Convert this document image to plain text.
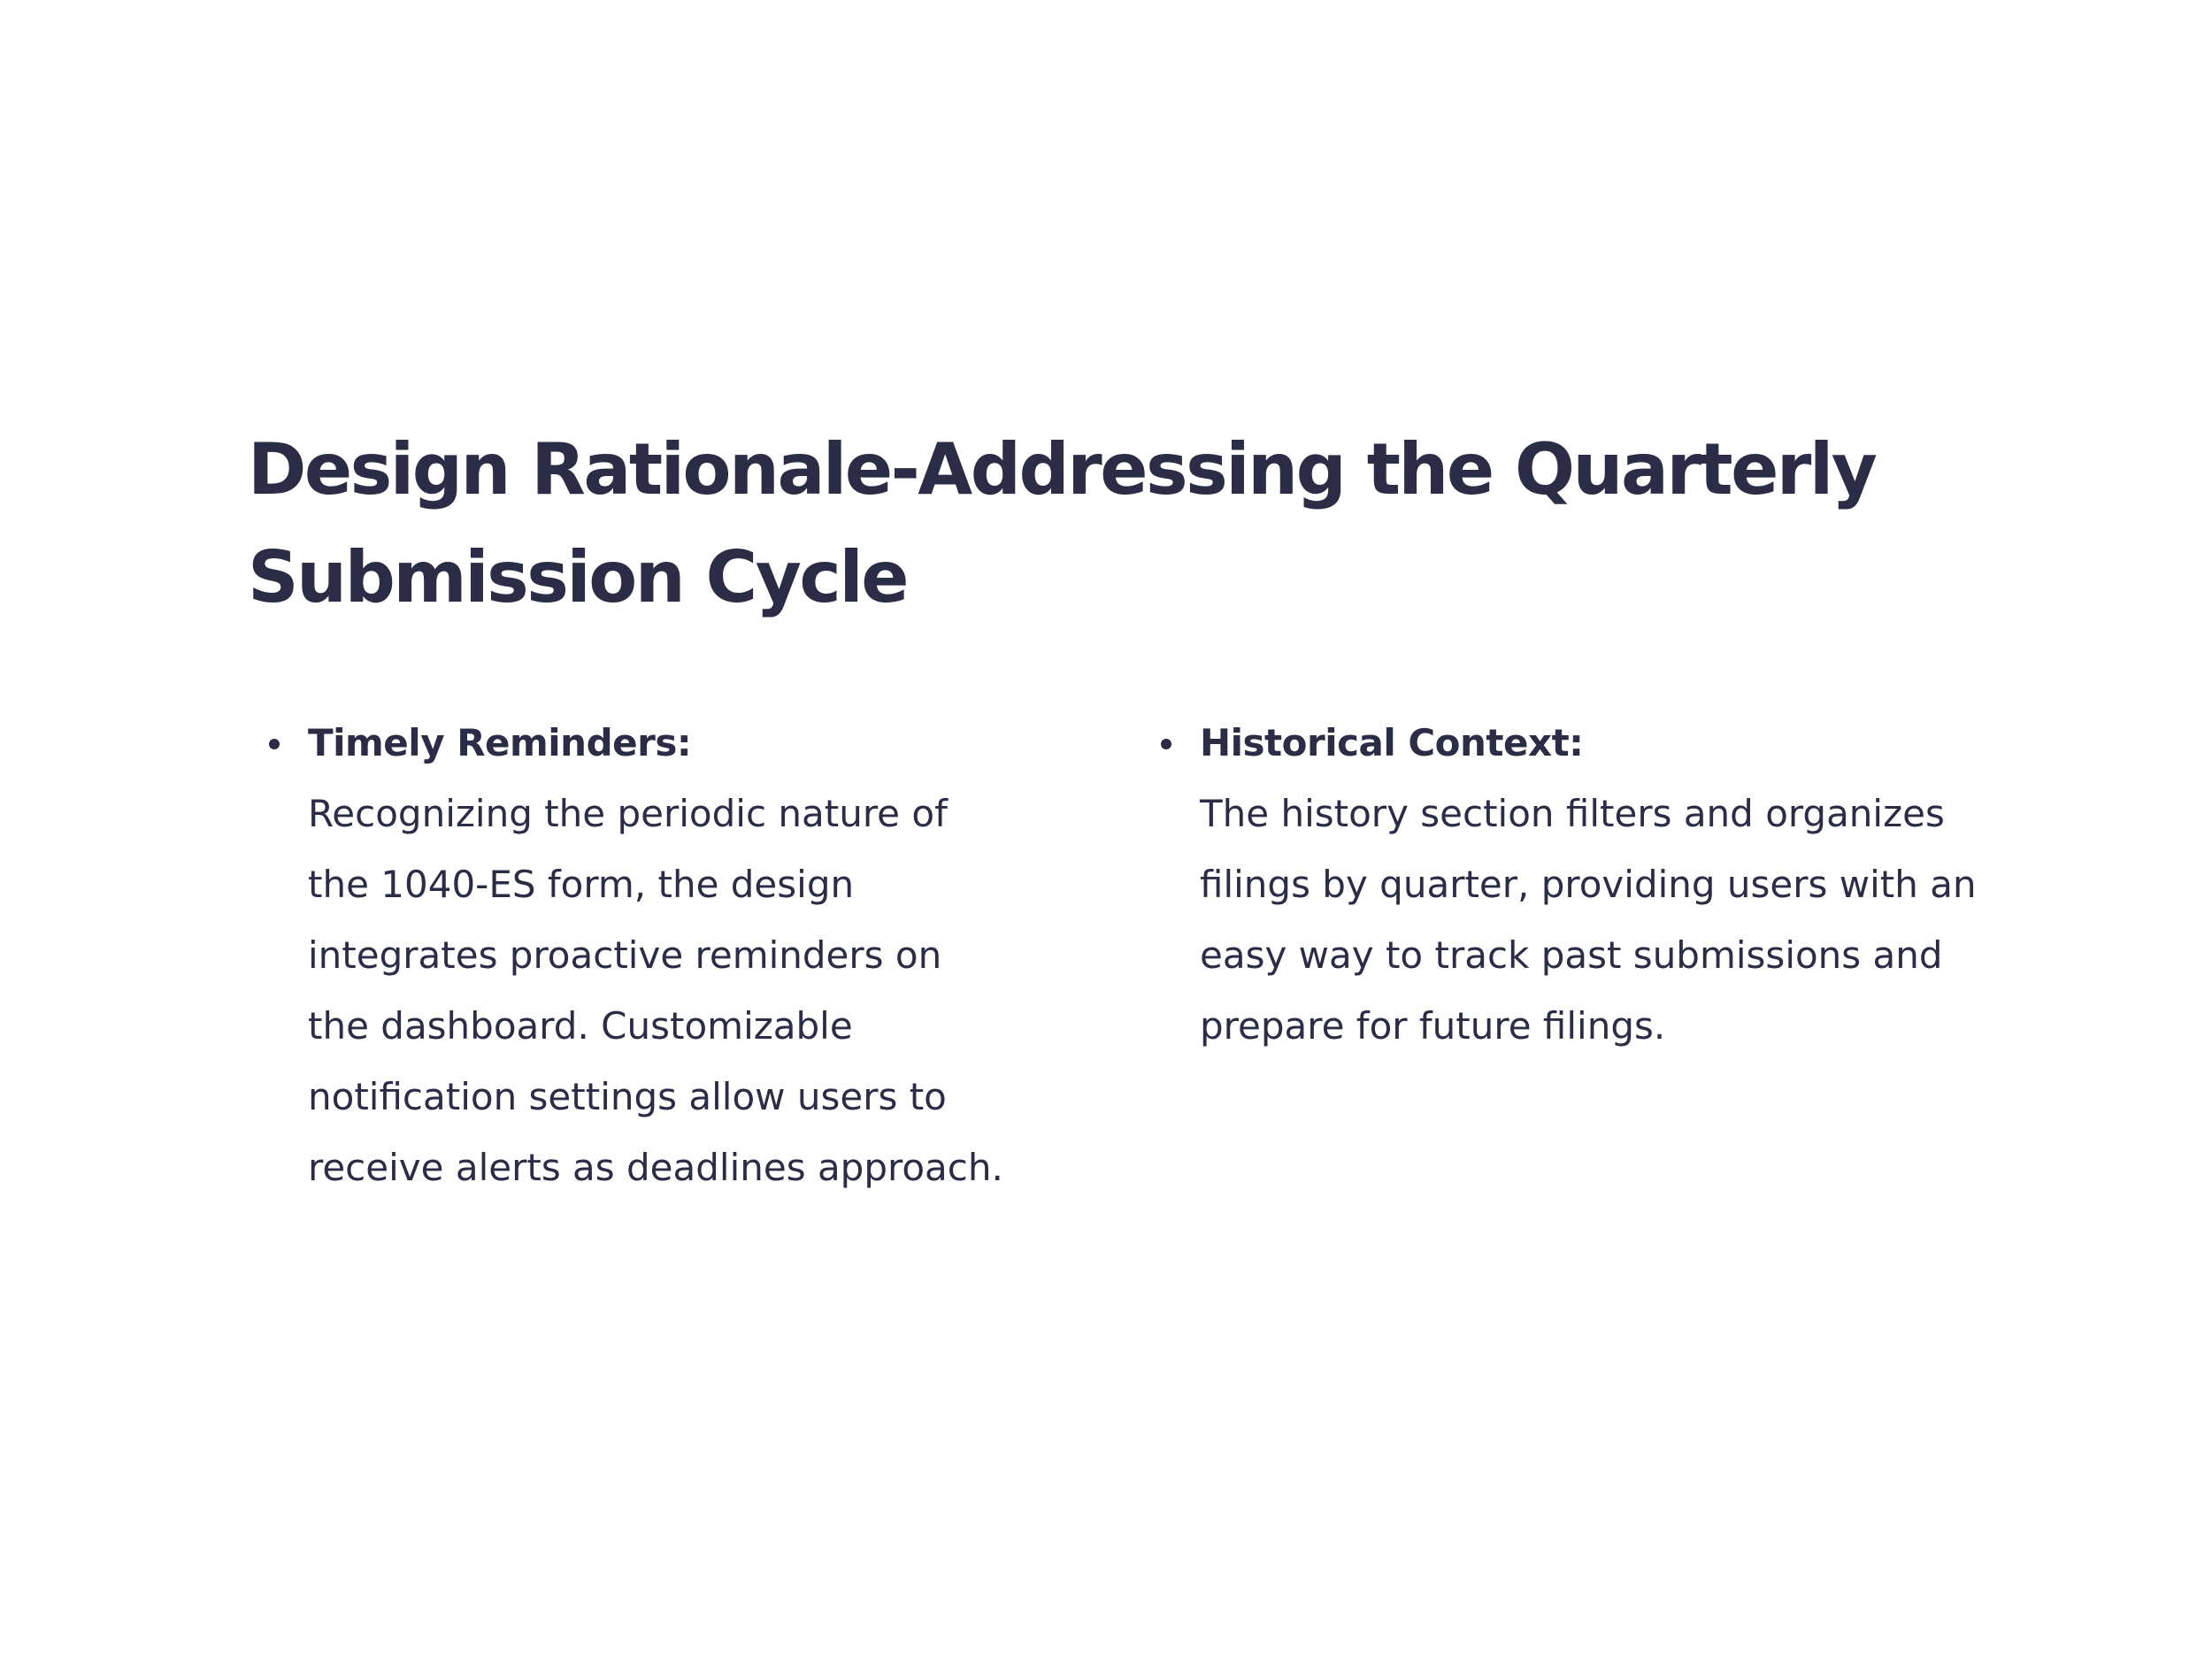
Design Rationale-Addressing the Quarterly Submission Cycle
Timely Reminders:
Recognizing the periodic nature of the 1040-ES form, the design integrates proactive reminders on the dashboard. Customizable notification settings allow users to receive alerts as deadlines approach.
Historical Context:
The history section filters and organizes filings by quarter, providing users with an easy way to track past submissions and prepare for future filings.
